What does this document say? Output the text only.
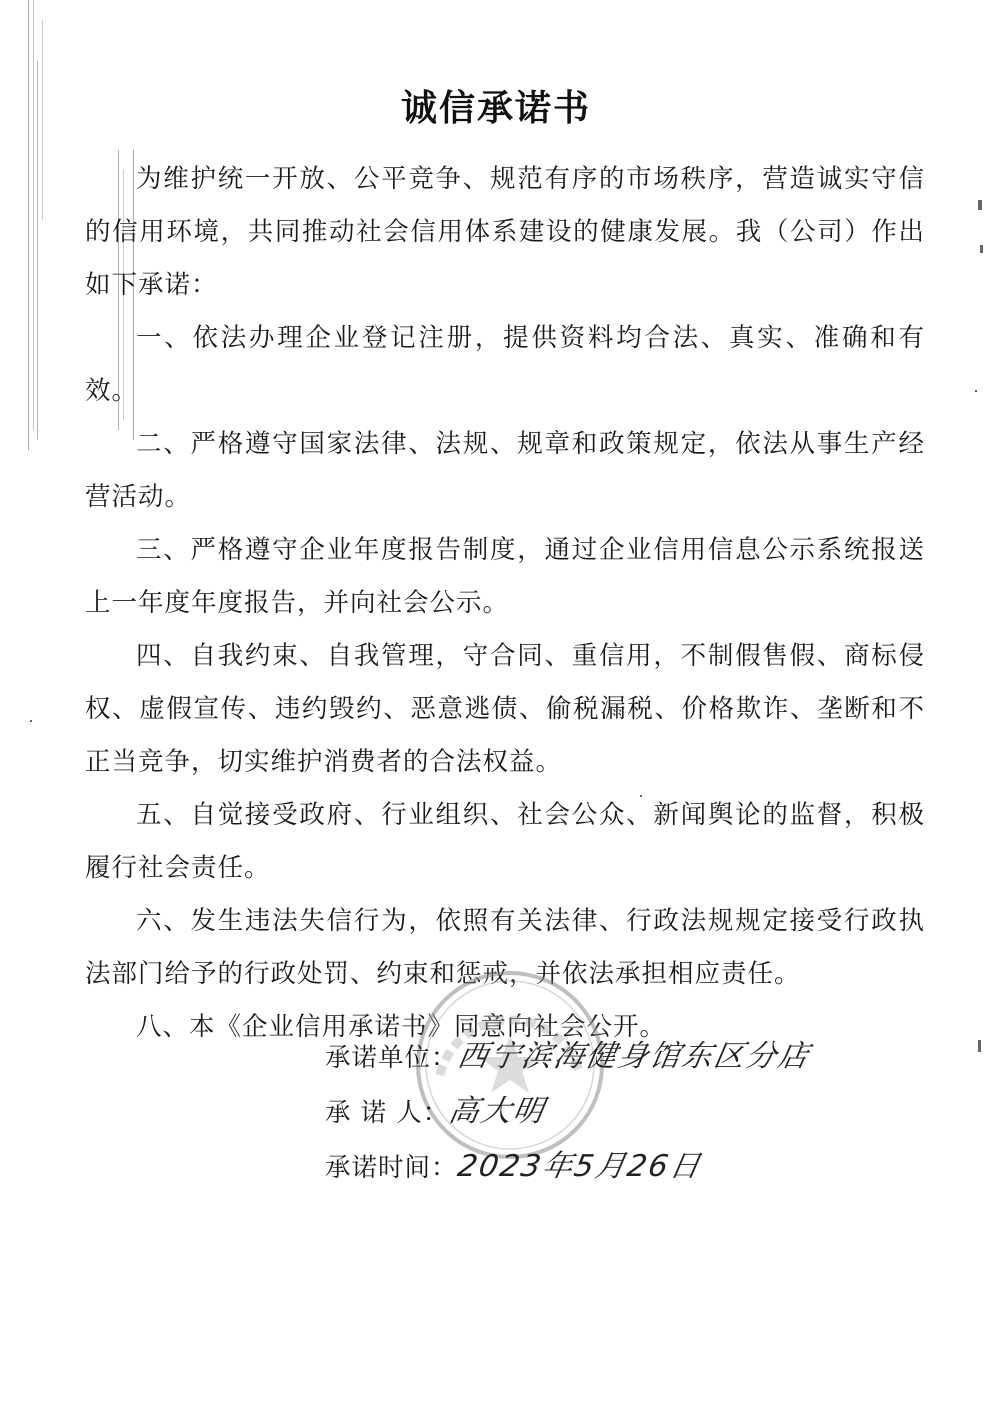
诚信承诺书

为维护统一开放、公平竞争、规范有序的市场秩序，营造诚实守信的信用环境，共同推动社会信用体系建设的健康发展。我（公司）作出如下承诺：

一、依法办理企业登记注册，提供资料均合法、真实、准确和有效。

二、严格遵守国家法律、法规、规章和政策规定，依法从事生产经营活动。

三、严格遵守企业年度报告制度，通过企业信用信息公示系统报送上一年度年度报告，并向社会公示。

四、自我约束、自我管理，守合同、重信用，不制假售假、商标侵权、虚假宣传、违约毁约、恶意逃债、偷税漏税、价格欺诈、垄断和不正当竞争，切实维护消费者的合法权益。

五、自觉接受政府、行业组织、社会公众、新闻舆论的监督，积极履行社会责任。

六、发生违法失信行为，依照有关法律、行政法规规定接受行政执法部门给予的行政处罚、约束和惩戒，并依法承担相应责任。

八、本《企业信用承诺书》同意向社会公开。

承诺单位：西宁滨海健身馆东区分店
承 诺 人：高大明
承诺时间：2023年5月26日
